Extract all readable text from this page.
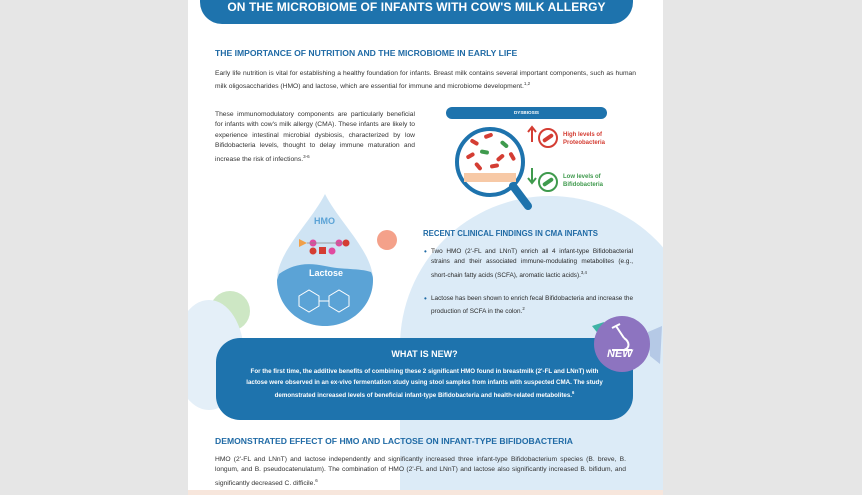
ON THE MICROBIOME OF INFANTS WITH COW'S MILK ALLERGY
THE IMPORTANCE OF NUTRITION AND THE MICROBIOME IN EARLY LIFE

Early life nutrition is vital for establishing a healthy foundation for infants. Breast milk contains several important components, such as human milk oligosaccharides (HMO) and lactose, which are essential for immune and microbiome development.$^{1,2}$

These immunomodulatory components are particularly beneficial for infants with cow's milk allergy (CMA). These infants are likely to experience intestinal microbial dysbiosis, characterized by low Bifidobacteria levels, thought to delay immune maturation and increase the risk of infections.$^{3-6}$

DYSBIOSIS
High levels of
Proteobacteria
Low levels of
Bifidobacteria
HMO
Lactose
RECENT CLINICAL FINDINGS IN CMA INFANTS

• Two HMO (2'-FL and LNnT) enrich all 4 infant-type Bifidobacterial strains and their associated immune-modulating metabolites (e.g., short-chain fatty acids (SCFA), aromatic lactic acids).$^{3,4}$

• Lactose has been shown to enrich fecal Bifidobacteria and increase the production of SCFA in the colon.$^2$

WHAT IS NEW?

For the first time, the additive benefits of combining these 2 significant HMO found in breastmilk (2'-FL and LNnT) with lactose were observed in an ex-vivo fermentation study using stool samples from infants with suspected CMA. The study demonstrated increased levels of beneficial infant-type Bifidobacteria and health-related metabolites.$^6$

NEW
DEMONSTRATED EFFECT OF HMO AND LACTOSE ON INFANT-TYPE BIFIDOBACTERIA

HMO (2'-FL and LNnT) and lactose independently and significantly increased three infant-type Bifidobacterium species (B. breve, B. longum, and B. pseudocatenulatum). The combination of HMO (2'-FL and LNnT) and lactose also significantly increased B. bifidum, and significantly decreased C. difficile.$^6$
